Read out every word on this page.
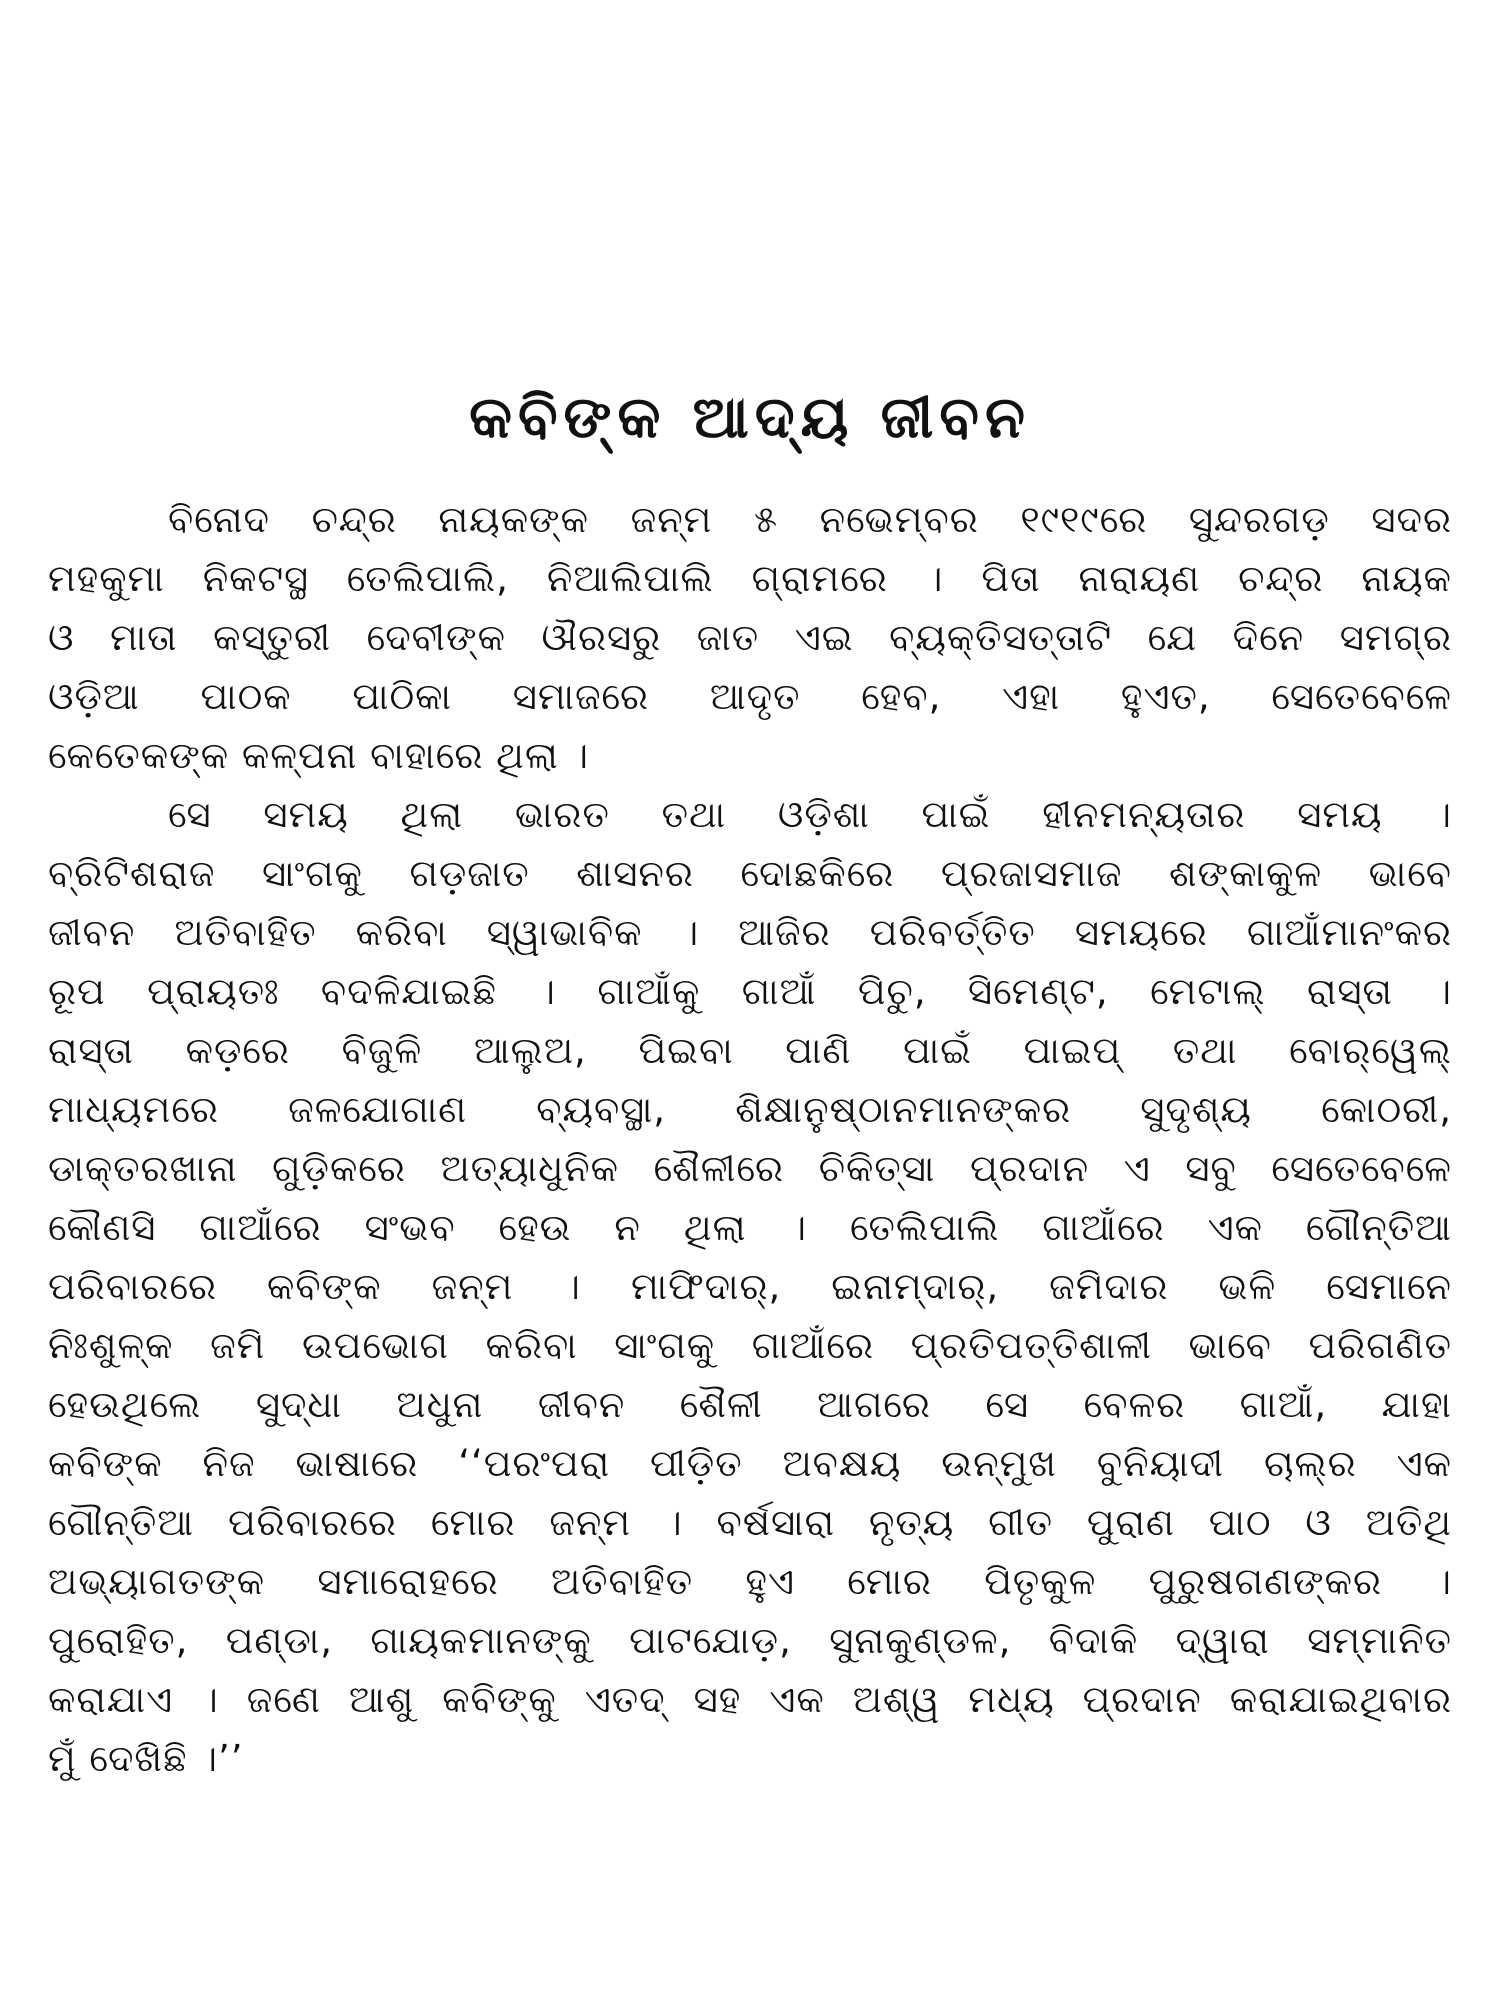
କବିଙ୍କ ଆଦ୍ୟ ଜୀବନ
ବିନୋଦ ଚନ୍ଦ୍ର ନାୟକଙ୍କ ଜନ୍ମ ୫ ନଭେମ୍ବର ୧୯୧୯ରେ ସୁନ୍ଦରଗଡ଼ ସଦର
ମହକୁମା ନିକଟସ୍ଥ ତେଲିପାଲି, ନିଆଲିପାଲି ଗ୍ରାମରେ । ପିତା ନାରାୟଣ ଚନ୍ଦ୍ର ନାୟକ
ଓ ମାତା କସ୍ତୁରୀ ଦେବୀଙ୍କ ଔରସରୁ ଜାତ ଏଇ ବ୍ୟକ୍ତିସତ୍ତାଟି ଯେ ଦିନେ ସମଗ୍ର
ଓଡ଼ିଆ ପାଠକ ପାଠିକା ସମାଜରେ ଆଦୃତ ହେବ, ଏହା ହୁଏତ, ସେତେବେଳେ
କେତେକଙ୍କ କଳ୍ପନା ବାହାରେ ଥିଲା ।
ସେ ସମୟ ଥିଲା ଭାରତ ତଥା ଓଡ଼ିଶା ପାଇଁ ହୀନମନ୍ୟତାର ସମୟ ।
ବ୍ରିଟିଶରାଜ ସାଂଗକୁ ଗଡ଼ଜାତ ଶାସନର ଦୋଛକିରେ ପ୍ରଜାସମାଜ ଶଙ୍କାକୁଳ ଭାବେ
ଜୀବନ ଅତିବାହିତ କରିବା ସ୍ୱାଭାବିକ । ଆଜିର ପରିବର୍ତ୍ତିତ ସମୟରେ ଗାଆଁମାନଂକର
ରୂପ ପ୍ରାୟତଃ ବଦଳିଯାଇଛି । ଗାଆଁକୁ ଗାଆଁ ପିଚୁ, ସିମେଣ୍ଟ, ମେଟାଲ୍ ରାସ୍ତା ।
ରାସ୍ତା କଡ଼ରେ ବିଜୁଳି ଆଲୁଅ, ପିଇବା ପାଣି ପାଇଁ ପାଇପ୍ ତଥା ବୋର୍‌ୱେଲ୍
ମାଧ୍ୟମରେ ଜଳଯୋଗାଣ ବ୍ୟବସ୍ଥା, ଶିକ୍ଷାନୁଷ୍ଠାନମାନଙ୍କର ସୁଦୃଶ୍ୟ କୋଠରୀ,
ଡାକ୍ତରଖାନା ଗୁଡ଼ିକରେ ଅତ୍ୟାଧୁନିକ ଶୈଳୀରେ ଚିକିତ୍ସା ପ୍ରଦାନ ଏ ସବୁ ସେତେବେଳେ
କୌଣସି ଗାଆଁରେ ସଂଭବ ହେଉ ନ ଥିଲା । ତେଲିପାଲି ଗାଆଁରେ ଏକ ଗୌନ୍ତିଆ
ପରିବାରରେ କବିଙ୍କ ଜନ୍ମ । ମାଫିଦାର୍, ଇନାମ୍‌ଦାର୍, ଜମିଦାର ଭଳି ସେମାନେ
ନିଃଶୁଳ୍କ ଜମି ଉପଭୋଗ କରିବା ସାଂଗକୁ ଗାଆଁରେ ପ୍ରତିପତ୍ତିଶାଳୀ ଭାବେ ପରିଗଣିତ
ହେଉଥିଲେ ସୁଦ୍ଧା ଅଧୁନା ଜୀବନ ଶୈଳୀ ଆଗରେ ସେ ବେଳର ଗାଆଁ, ଯାହା
କବିଙ୍କ ନିଜ ଭାଷାରେ ‘‘ପରଂପରା ପୀଡ଼ିତ ଅବକ୍ଷୟ ଉନ୍ମୁଖ ବୁନିୟାଦୀ ଚାଲ୍‌ର ଏକ
ଗୌନ୍ତିଆ ପରିବାରରେ ମୋର ଜନ୍ମ । ବର୍ଷସାରା ନୃତ୍ୟ ଗୀତ ପୁରାଣ ପାଠ ଓ ଅତିଥି
ଅଭ୍ୟାଗତଙ୍କ ସମାରୋହରେ ଅତିବାହିତ ହୁଏ ମୋର ପିତୃକୁଳ ପୁରୁଷଗଣଙ୍କର ।
ପୁରୋହିତ, ପଣ୍ଡା, ଗାୟକମାନଙ୍କୁ ପାଟଯୋଡ଼, ସୁନାକୁଣ୍ଡଳ, ବିଦାକି ଦ୍ୱାରା ସମ୍ମାନିତ
କରାଯାଏ । ଜଣେ ଆଶୁ କବିଙ୍କୁ ଏତଦ୍ ସହ ଏକ ଅଶ୍ୱ ମଧ୍ୟ ପ୍ରଦାନ କରାଯାଇଥିବାର
ମୁଁ ଦେଖିଛି ।’’
